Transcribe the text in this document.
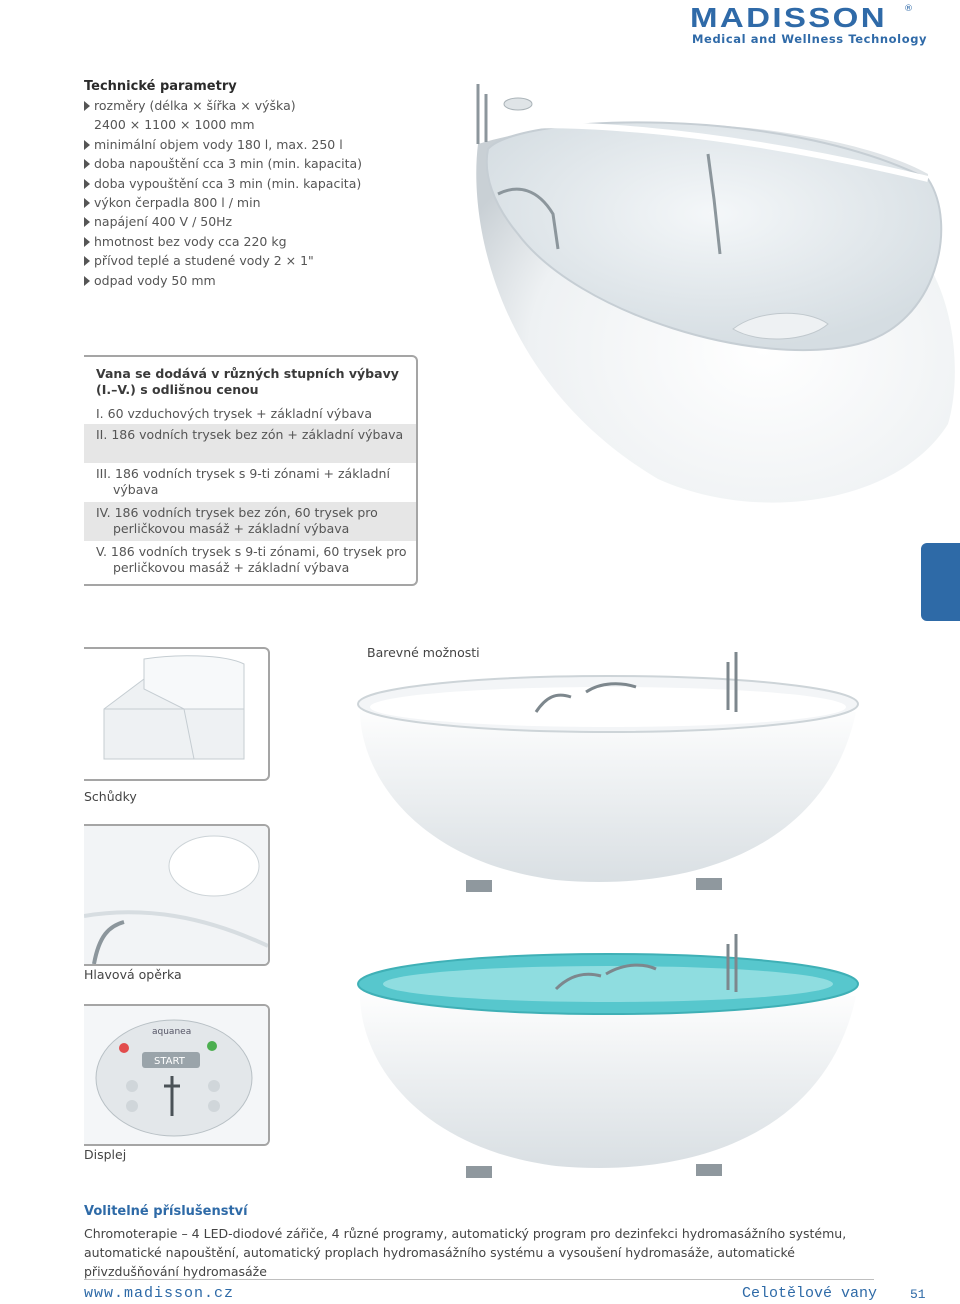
MADISSON ®
Medical and Wellness Technology
Technické parametry
rozměry (délka × šířka × výška)
2400 × 1100 × 1000 mm
minimální objem vody 180 l, max. 250 l
doba napouštění cca 3 min (min. kapacita)
doba vypouštění cca 3 min (min. kapacita)
výkon čerpadla 800 l / min
napájení 400 V / 50Hz
hmotnost bez vody cca 220 kg
přívod teplé a studené vody 2 × 1"
odpad vody 50 mm
Vana se dodává v různých stupních výbavy (I.–V.) s odlišnou cenou
I. 60 vzduchových trysek + základní výbava
II. 186 vodních trysek bez zón + základní výbava
III. 186 vodních trysek s 9-ti zónami + základní výbava
IV. 186 vodních trysek bez zón, 60 trysek pro perličkovou masáž + základní výbava
V. 186 vodních trysek s 9-ti zónami, 60 trysek pro perličkovou masáž + základní výbava
Barevné možnosti
Schůdky
Hlavová opěrka
aquanea
START
Displej
Volitelné příslušenství
Chromoterapie – 4 LED-diodové zářiče, 4 různé programy, automatický program pro dezinfekci hydromasážního systému, automatické napouštění, automatický proplach hydromasážního systému a vysoušení hydromasáže, automatické přivzdušňování hydromasáže
www.madisson.cz	Celotělové vany	51
